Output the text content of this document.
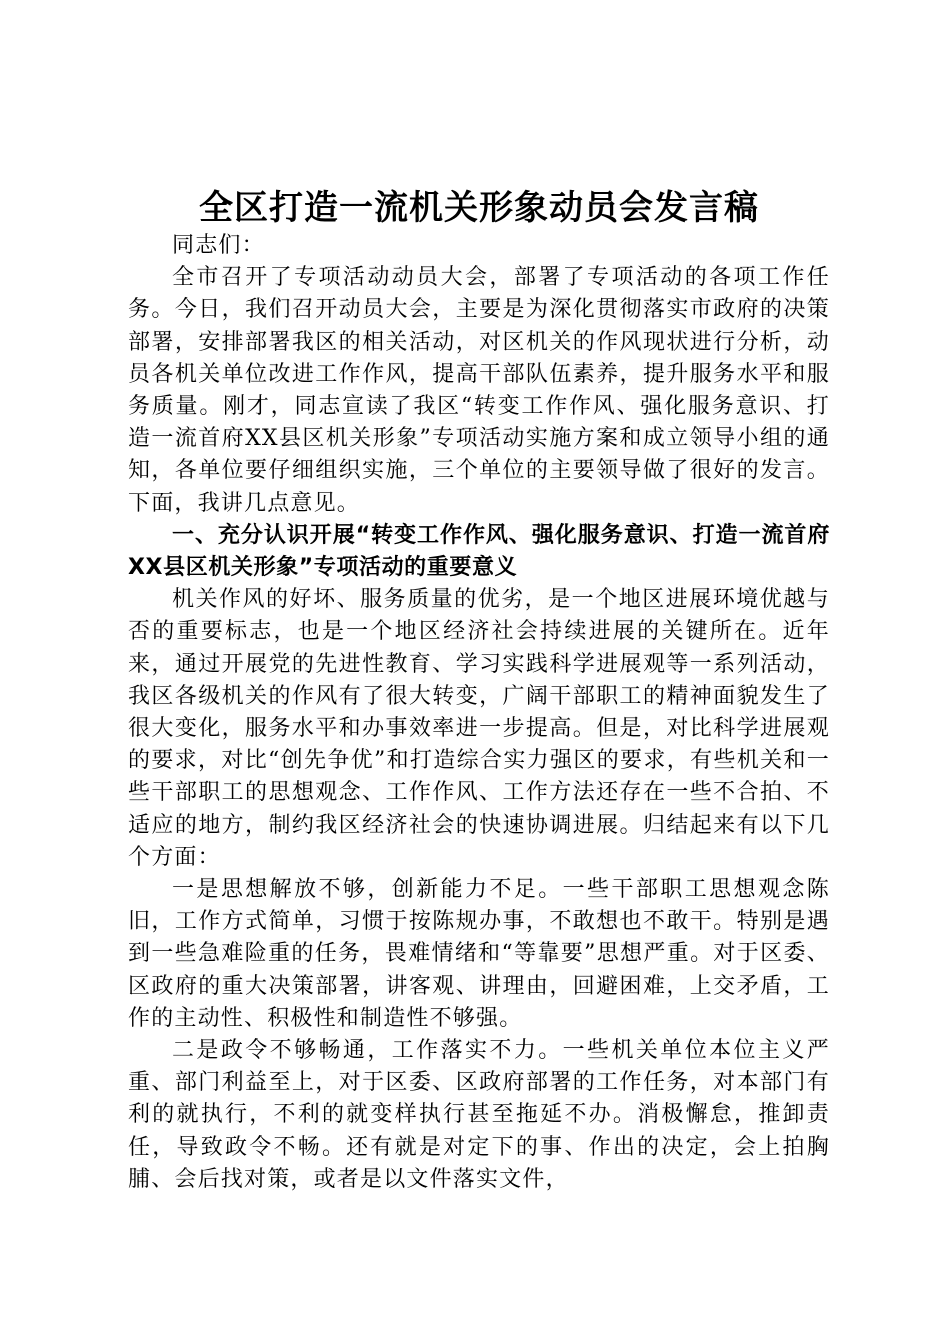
全区打造一流机关形象动员会发言稿

同志们：

全市召开了专项活动动员大会，部署了专项活动的各项工作任务。今日，我们召开动员大会，主要是为深化贯彻落实市政府的决策部署，安排部署我区的相关活动，对区机关的作风现状进行分析，动员各机关单位改进工作作风，提高干部队伍素养，提升服务水平和服务质量。刚才，同志宣读了我区“转变工作作风、强化服务意识、打造一流首府XX县区机关形象”专项活动实施方案和成立领导小组的通知，各单位要仔细组织实施，三个单位的主要领导做了很好的发言。下面，我讲几点意见。

一、充分认识开展“转变工作作风、强化服务意识、打造一流首府XX县区机关形象”专项活动的重要意义

机关作风的好坏、服务质量的优劣，是一个地区进展环境优越与否的重要标志，也是一个地区经济社会持续进展的关键所在。近年来，通过开展党的先进性教育、学习实践科学进展观等一系列活动，我区各级机关的作风有了很大转变，广阔干部职工的精神面貌发生了很大变化，服务水平和办事效率进一步提高。但是，对比科学进展观的要求，对比“创先争优”和打造综合实力强区的要求，有些机关和一些干部职工的思想观念、工作作风、工作方法还存在一些不合拍、不适应的地方，制约我区经济社会的快速协调进展。归结起来有以下几个方面：

一是思想解放不够，创新能力不足。一些干部职工思想观念陈旧，工作方式简单，习惯于按陈规办事，不敢想也不敢干。特别是遇到一些急难险重的任务，畏难情绪和“等靠要”思想严重。对于区委、区政府的重大决策部署，讲客观、讲理由，回避困难，上交矛盾，工作的主动性、积极性和制造性不够强。

二是政令不够畅通，工作落实不力。一些机关单位本位主义严重、部门利益至上，对于区委、区政府部署的工作任务，对本部门有利的就执行，不利的就变样执行甚至拖延不办。消极懈怠，推卸责任，导致政令不畅。还有就是对定下的事、作出的决定，会上拍胸脯、会后找对策，或者是以文件落实文件，
